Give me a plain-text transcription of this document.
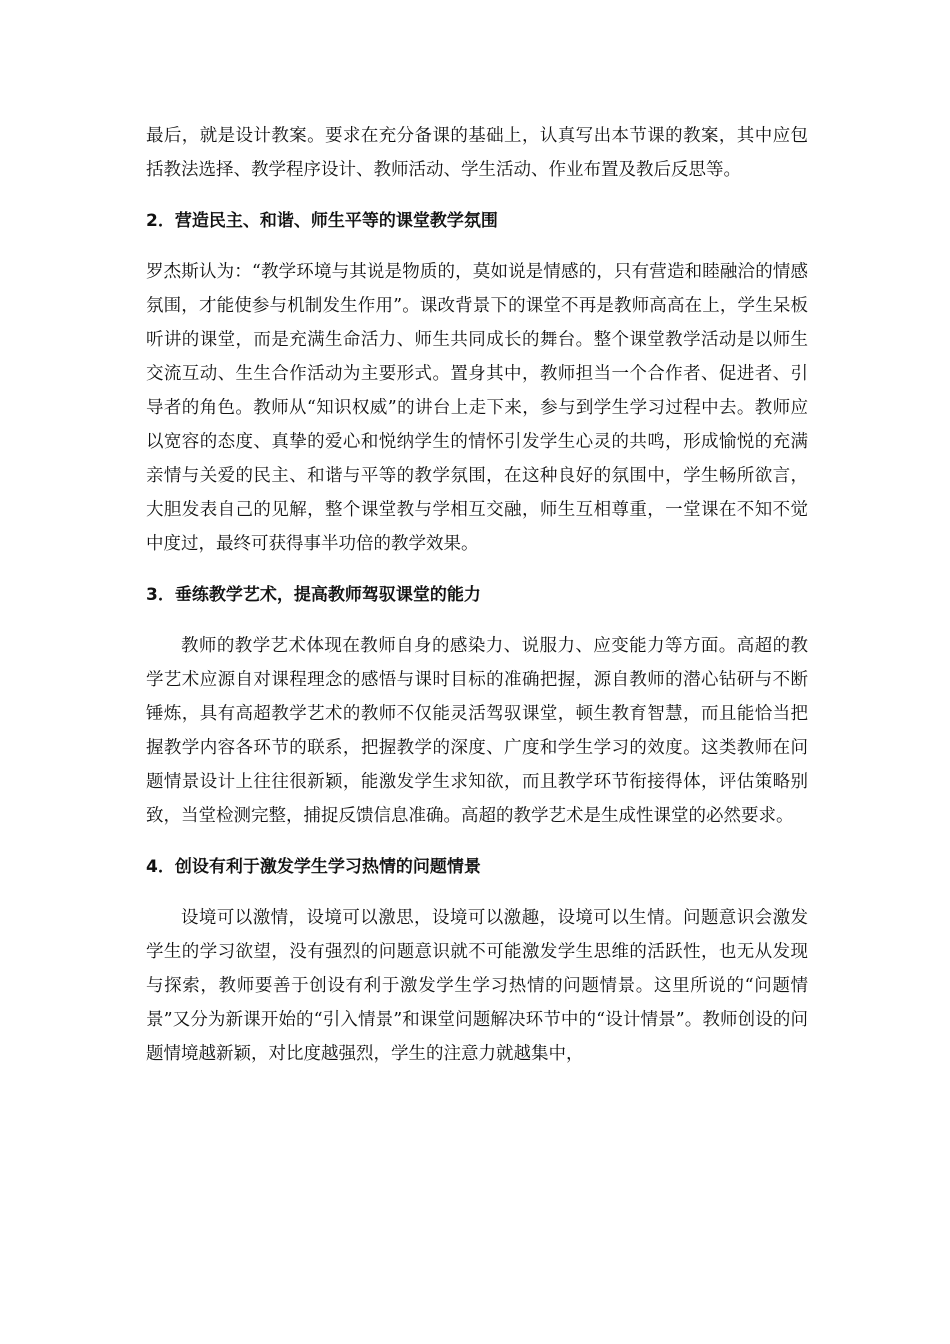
最后，就是设计教案。要求在充分备课的基础上，认真写出本节课的教案，其中应包括教法选择、教学程序设计、教师活动、学生活动、作业布置及教后反思等。

2．营造民主、和谐、师生平等的课堂教学氛围

罗杰斯认为：“教学环境与其说是物质的，莫如说是情感的，只有营造和睦融洽的情感氛围，才能使参与机制发生作用”。课改背景下的课堂不再是教师高高在上，学生呆板听讲的课堂，而是充满生命活力、师生共同成长的舞台。整个课堂教学活动是以师生交流互动、生生合作活动为主要形式。置身其中，教师担当一个合作者、促进者、引导者的角色。教师从“知识权威”的讲台上走下来，参与到学生学习过程中去。教师应以宽容的态度、真挚的爱心和悦纳学生的情怀引发学生心灵的共鸣，形成愉悦的充满亲情与关爱的民主、和谐与平等的教学氛围，在这种良好的氛围中，学生畅所欲言，大胆发表自己的见解，整个课堂教与学相互交融，师生互相尊重，一堂课在不知不觉中度过，最终可获得事半功倍的教学效果。

3．垂练教学艺术，提高教师驾驭课堂的能力

教师的教学艺术体现在教师自身的感染力、说服力、应变能力等方面。高超的教学艺术应源自对课程理念的感悟与课时目标的准确把握，源自教师的潜心钻研与不断锤炼，具有高超教学艺术的教师不仅能灵活驾驭课堂，顿生教育智慧，而且能恰当把握教学内容各环节的联系，把握教学的深度、广度和学生学习的效度。这类教师在问题情景设计上往往很新颖，能激发学生求知欲，而且教学环节衔接得体，评估策略别致，当堂检测完整，捕捉反馈信息准确。高超的教学艺术是生成性课堂的必然要求。

4．创设有利于激发学生学习热情的问题情景

设境可以激情，设境可以激思，设境可以激趣，设境可以生情。问题意识会激发学生的学习欲望，没有强烈的问题意识就不可能激发学生思维的活跃性，也无从发现与探索，教师要善于创设有利于激发学生学习热情的问题情景。这里所说的“问题情景”又分为新课开始的“引入情景”和课堂问题解决环节中的“设计情景”。教师创设的问题情境越新颖，对比度越强烈，学生的注意力就越集中，
